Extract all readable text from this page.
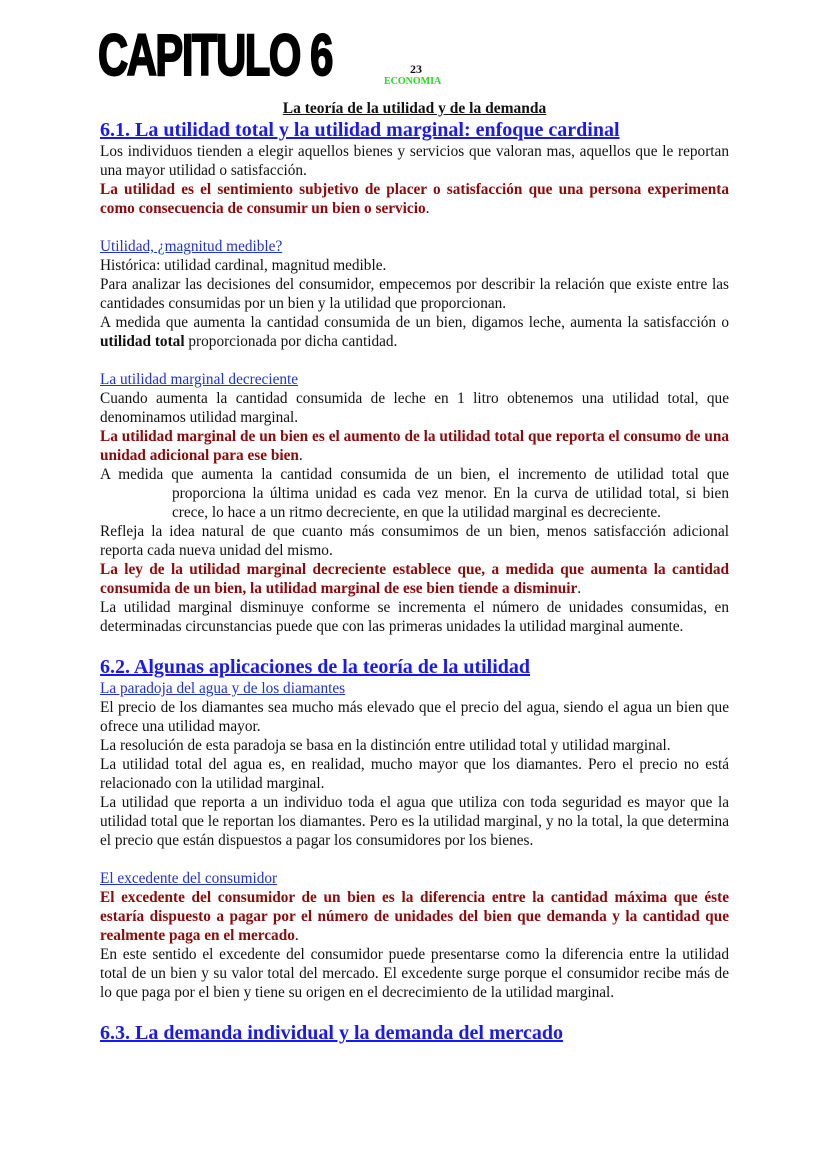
CAPITULO 6	23
ECONOMIA

La teoría de la utilidad y de la demanda

6.1. La utilidad total y la utilidad marginal: enfoque cardinal

Los individuos tienden a elegir aquellos bienes y servicios que valoran mas, aquellos que le reportan una mayor utilidad o satisfacción.

La utilidad es el sentimiento subjetivo de placer o satisfacción que una persona experimenta como consecuencia de consumir un bien o servicio.

Utilidad, ¿magnitud medible?

Histórica: utilidad cardinal, magnitud medible.

Para analizar las decisiones del consumidor, empecemos por describir la relación que existe entre las cantidades consumidas por un bien y la utilidad que proporcionan.

A medida que aumenta la cantidad consumida de un bien, digamos leche, aumenta la satisfacción o utilidad total proporcionada por dicha cantidad.

La utilidad marginal decreciente

Cuando aumenta la cantidad consumida de leche en 1 litro obtenemos una utilidad total, que denominamos utilidad marginal.

La utilidad marginal de un bien es el aumento de la utilidad total que reporta el consumo de una unidad adicional para ese bien.

A medida que aumenta la cantidad consumida de un bien, el incremento de utilidad total que proporciona la última unidad es cada vez menor. En la curva de utilidad total, si bien crece, lo hace a un ritmo decreciente, en que la utilidad marginal es decreciente.

Refleja la idea natural de que cuanto más consumimos de un bien, menos satisfacción adicional reporta cada nueva unidad del mismo.

La ley de la utilidad marginal decreciente establece que, a medida que aumenta la cantidad consumida de un bien, la utilidad marginal de ese bien tiende a disminuir.

La utilidad marginal disminuye conforme se incrementa el número de unidades consumidas, en determinadas circunstancias puede que con las primeras unidades la utilidad marginal aumente.

6.2. Algunas aplicaciones de la teoría de la utilidad

La paradoja del agua y de los diamantes

El precio de los diamantes sea mucho más elevado que el precio del agua, siendo el agua un bien que ofrece una utilidad mayor.

La resolución de esta paradoja se basa en la distinción entre utilidad total y utilidad marginal.

La utilidad total del agua es, en realidad, mucho mayor que los diamantes. Pero el precio no está relacionado con la utilidad marginal.

La utilidad que reporta a un individuo toda el agua que utiliza con toda seguridad es mayor que la utilidad total que le reportan los diamantes. Pero es la utilidad marginal, y no la total, la que determina el precio que están dispuestos a pagar los consumidores por los bienes.

El excedente del consumidor

El excedente del consumidor de un bien es la diferencia entre la cantidad máxima que éste estaría dispuesto a pagar por el número de unidades del bien que demanda y la cantidad que realmente paga en el mercado.

En este sentido el excedente del consumidor puede presentarse como la diferencia entre la utilidad total de un bien y su valor total del mercado. El excedente surge porque el consumidor recibe más de lo que paga por el bien y tiene su origen en el decrecimiento de la utilidad marginal.

6.3. La demanda individual y la demanda del mercado
